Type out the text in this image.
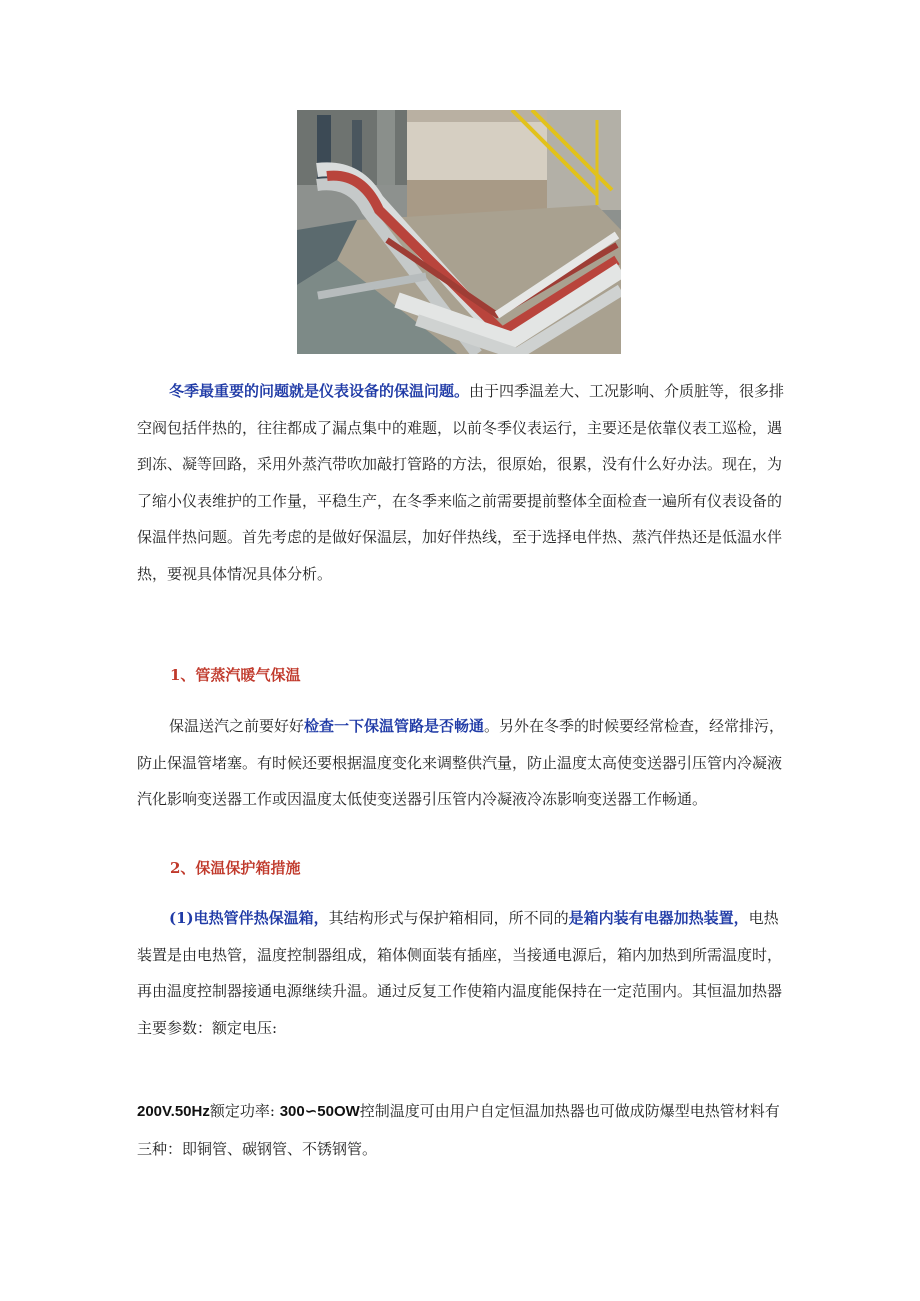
冬季最重要的问题就是仪表设备的保温问题。由于四季温差大、工况影响、介质脏等，很多排空阀包括伴热的，往往都成了漏点集中的难题，以前冬季仪表运行，主要还是依靠仪表工巡检，遇到冻、凝等回路，采用外蒸汽带吹加敲打管路的方法，很原始，很累，没有什么好办法。现在，为了缩小仪表维护的工作量，平稳生产，在冬季来临之前需要提前整体全面检查一遍所有仪表设备的保温伴热问题。首先考虑的是做好保温层，加好伴热线，至于选择电伴热、蒸汽伴热还是低温水伴热，要视具体情况具体分析。

1、管蒸汽暖气保温

保温送汽之前要好好检查一下保温管路是否畅通。另外在冬季的时候要经常检查，经常排污，防止保温管堵塞。有时候还要根据温度变化来调整供汽量，防止温度太高使变送器引压管内冷凝液汽化影响变送器工作或因温度太低使变送器引压管内冷凝液冷冻影响变送器工作畅通。

2、保温保护箱措施

(1)电热管伴热保温箱，其结构形式与保护箱相同，所不同的是箱内装有电器加热装置，电热装置是由电热管，温度控制器组成，箱体侧面装有插座，当接通电源后，箱内加热到所需温度时，再由温度控制器接通电源继续升温。通过反复工作使箱内温度能保持在一定范围内。其恒温加热器主要参数：额定电压:

200V.50Hz额定功率: 300∽50OW控制温度可由用户自定恒温加热器也可做成防爆型电热管材料有三种：即铜管、碳钢管、不锈钢管。
